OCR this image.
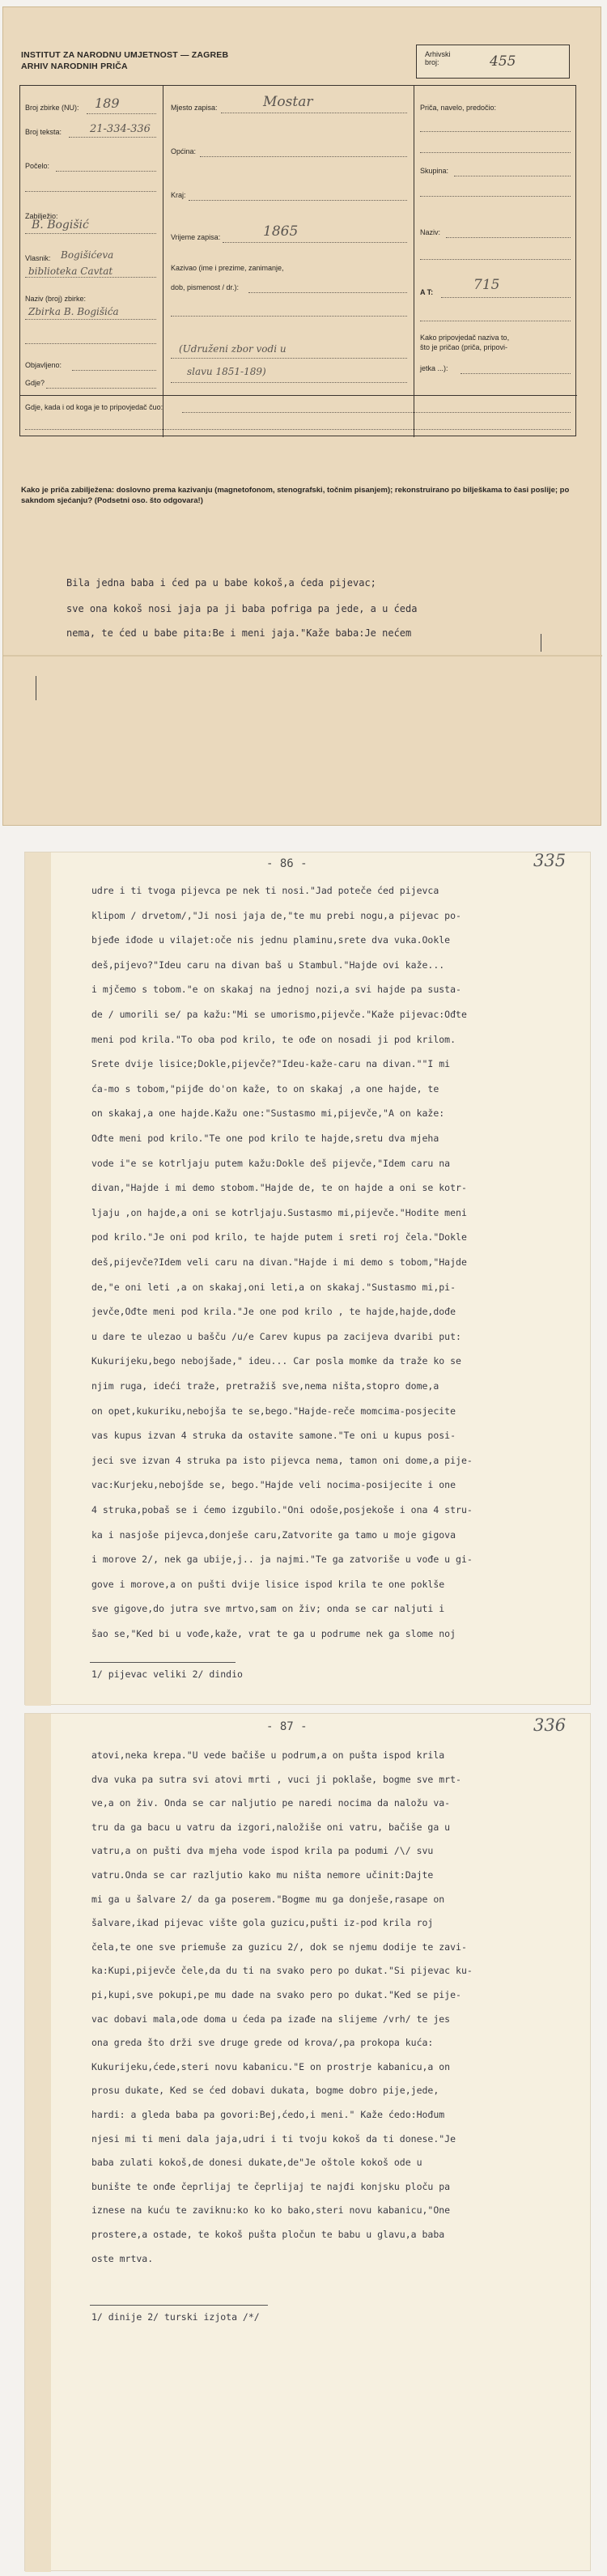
INSTITUT ZA NARODNU UMJETNOST — ZAGREB
ARHIV NARODNIH PRIČA
Arhivski
broj:	455
Broj zbirke (NU): 189
Broj teksta:	21-334-336
Počelo:
Zabilježio:
B. Bogišić
Vlasnik: Bogišićeva
biblioteka Cavtat
Naziv (broj) zbirke:
Zbirka B. Bogišića
Objavljeno:
Gdje?
Mjesto zapisa:	Mostar
Općina:
Kraj:
Vrijeme zapisa:	1865
Kazivao (ime i prezime, zanimanje,
dob, pismenost / dr.):
(Udruženi zbor vodi u
slavu 1851-189)
Priča, navelo, predočio:
Skupina:
Naziv:
A T:	715
Kako pripovjedač naziva to,
što je pričao (priča, pripovi-
jetka ...):
Gdje, kada i od koga je to pripovjedač čuo:
Kako je priča zabilježena: doslovno prema kazivanju (magnetofonom, stenografski, točnim pisanjem); rekonstruirano po bilješkama to časi poslije; po sakndom sjećanju? (Podsetni oso. što odgovara!)
Bila jedna baba i ćed pa u babe kokoš,a ćeda pijevac;
sve ona kokoš nosi jaja pa ji baba pofriga pa jede, a u ćeda
nema, te ćed u babe pita:Be i meni jaja."Kaže baba:Je nećem
- 86 -	335
udre i ti tvoga pijevca pe nek ti nosi."Jad poteče ćed pijevca
klipom / drvetom/,"Ji nosi jaja de,"te mu prebi nogu,a pijevac po-
bjeđe iđode u vilajet:oče nis jednu plaminu,srete dva vuka.Ookle
deš,pijevo?"Ideu caru na divan baš u Stambul."Hajde ovi kaže...
i mjčemo s tobom."e on skakaj na jednoj nozi,a svi hajde pa susta-
de / umorili se/ pa kažu:"Mi se umorismo,pijevče."Kaže pijevac:Ođte
meni pod krila."To oba pod krilo, te ođe on nosadi ji pod krilom.
Srete dvije lisice;Dokle,pijevče?"Ideu-kaže-caru na divan.""I mi
ća-mo s tobom,"pijđe do'on kaže, to on skakaj ,a one hajde, te
on skakaj,a one hajde.Kažu one:"Sustasmo mi,pijevče,"A on kaže:
Ođte meni pod krilo."Te one pod krilo te hajde,sretu dva mjeha
vode i"e se kotrljaju putem kažu:Dokle deš pijevče,"Idem caru na
divan,"Hajde i mi demo stobom."Hajde de, te on hajde a oni se kotr-
ljaju ,on hajde,a oni se kotrljaju.Sustasmo mi,pijevče."Hodite meni
pod krilo."Je oni pod krilo, te hajde putem i sreti roj čela."Dokle
deš,pijevče?Idem veli caru na divan."Hajde i mi demo s tobom,"Hajde
de,"e oni leti ,a on skakaj,oni leti,a on skakaj."Sustasmo mi,pi-
jevče,Ođte meni pod krila."Je one pod krilo , te hajde,hajde,dođe
u dare te ulezao u bašču /u/e Carev kupus pa zacijeva dvaribi put:
Kukurijeku,bego nebojšade," ideu... Car posla momke da traže ko se
njim ruga, ideći traže, pretražiš sve,nema ništa,stopro dome,a
on opet,kukuriku,nebojša te se,bego."Hajde-reče momcima-posjecite
vas kupus izvan 4 struka da ostavite samone."Te oni u kupus posi-
jeci sve izvan 4 struka pa isto pijevca nema, tamon oni dome,a pije-
vac:Kurjeku,nebojšde se, bego."Hajde veli nocima-posijecite i one
4 struka,pobaš se i ćemo izgubilo."Oni odoše,posjekoše i ona 4 stru-
ka i nasjoše pijevca,donješe caru,Zatvorite ga tamo u moje gigova
i morove 2/, nek ga ubije,j.. ja najmi."Te ga zatvoriše u vođe u gi-
gove i morove,a on pušti dvije lisice ispod krila te one poklše
sve gigove,do jutra sve mrtvo,sam on živ; onda se car naljuti i
šao se,"Ked bi u vođe,kaže, vrat te ga u podrume nek ga slome noj
1/ pijevac veliki 2/ dindio
- 87 -	336
atovi,neka krepa."U vede bačiše u podrum,a on pušta ispod krila
dva vuka pa sutra svi atovi mrti , vuci ji poklaše, bogme sve mrt-
ve,a on živ. Onda se car naljutio pe naredi nocima da naložu va-
tru da ga bacu u vatru da izgori,naložiše oni vatru, bačiše ga u
vatru,a on pušti dva mjeha vode ispod krila pa podumi /\/ svu
vatru.Onda se car razljutio kako mu ništa nemore učinit:Dajte
mi ga u šalvare 2/ da ga poserem."Bogme mu ga donješe,rasape on
šalvare,ikad pijevac vište gola guzicu,pušti iz-pod krila roj
čela,te one sve priemuše za guzicu 2/, dok se njemu dodije te zavi-
ka:Kupi,pijevče čele,da du ti na svako pero po dukat."Si pijevac ku-
pi,kupi,sve pokupi,pe mu dade na svako pero po dukat."Ked se pije-
vac dobavi mala,ode doma u ćeda pa izađe na slijeme /vrh/ te jes
ona greda što drži sve druge grede od krova/,pa prokopa kuća:
Kukurijeku,ćede,steri novu kabanicu."E on prostrje kabanicu,a on
prosu dukate, Ked se ćed dobavi dukata, bogme dobro pije,jede,
hardi: a gleda baba pa govori:Bej,ćedo,i meni." Kaže ćedo:Hođum
njesi mi ti meni dala jaja,udri i ti tvoju kokoš da ti donese."Je
baba zulati kokoš,de donesi dukate,de"Je oštole kokoš ode u
bunište te onđe čeprlijaj te čeprlijaj te najđi konjsku ploču pa
iznese na kuću te zaviknu:ko ko ko bako,steri novu kabanicu,"One
prostere,a ostade, te kokoš pušta pločun te babu u glavu,a baba
oste mrtva.
1/ dinije 2/ turski izjota /*/
